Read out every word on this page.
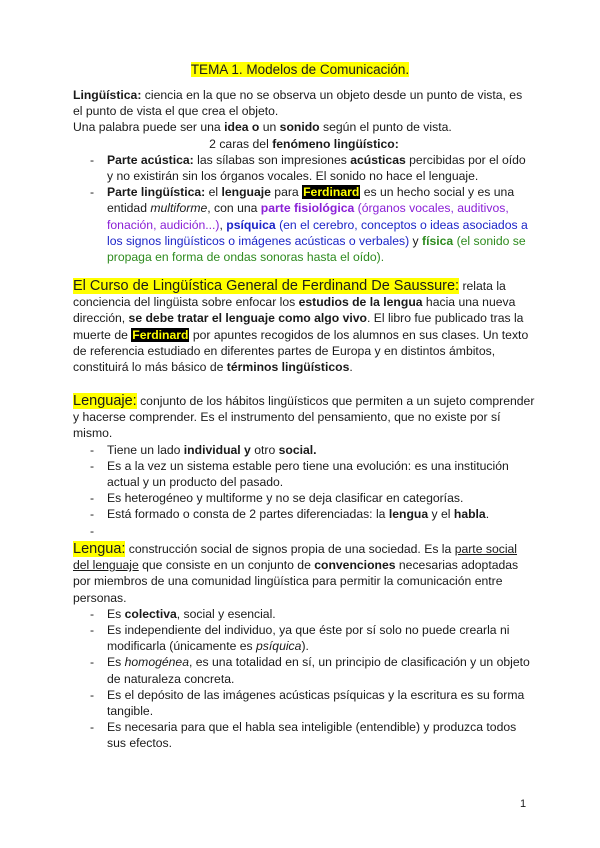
TEMA 1. Modelos de Comunicación.

Lingüística: ciencia en la que no se observa un objeto desde un punto de vista, es el punto de vista el que crea el objeto.

Una palabra puede ser una idea o un sonido según el punto de vista.

2 caras del fenómeno lingüístico:

- Parte acústica: las sílabas son impresiones acústicas percibidas por el oído y no existirán sin los órganos vocales. El sonido no hace el lenguaje.
- Parte lingüística: el lenguaje para Ferdinard es un hecho social y es una entidad multiforme, con una parte fisiológica (órganos vocales, auditivos, fonación, audición...), psíquica (en el cerebro, conceptos o ideas asociados a los signos lingüísticos o imágenes acústicas o verbales) y física (el sonido se propaga en forma de ondas sonoras hasta el oído).

El Curso de Lingüística General de Ferdinand De Saussure: relata la conciencia del lingüista sobre enfocar los estudios de la lengua hacia una nueva dirección, se debe tratar el lenguaje como algo vivo. El libro fue publicado tras la muerte de Ferdinard por apuntes recogidos de los alumnos en sus clases. Un texto de referencia estudiado en diferentes partes de Europa y en distintos ámbitos, constituirá lo más básico de términos lingüísticos.

Lenguaje: conjunto de los hábitos lingüísticos que permiten a un sujeto comprender y hacerse comprender. Es el instrumento del pensamiento, que no existe por sí mismo.

- Tiene un lado individual y otro social.
- Es a la vez un sistema estable pero tiene una evolución: es una institución actual y un producto del pasado.
- Es heterogéneo y multiforme y no se deja clasificar en categorías.
- Está formado o consta de 2 partes diferenciadas: la lengua y el habla.
-

Lengua: construcción social de signos propia de una sociedad. Es la parte social del lenguaje que consiste en un conjunto de convenciones necesarias adoptadas por miembros de una comunidad lingüística para permitir la comunicación entre personas.

- Es colectiva, social y esencial.
- Es independiente del individuo, ya que éste por sí solo no puede crearla ni modificarla (únicamente es psíquica).
- Es homogénea, es una totalidad en sí, un principio de clasificación y un objeto de naturaleza concreta.
- Es el depósito de las imágenes acústicas psíquicas y la escritura es su forma tangible.
- Es necesaria para que el habla sea inteligible (entendible) y produzca todos sus efectos.
1
